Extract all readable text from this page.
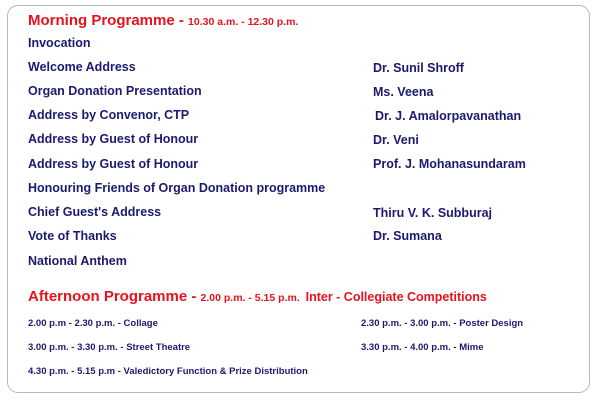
Morning Programme - 10.30 a.m. - 12.30 p.m.
Invocation
Welcome Address	Dr. Sunil Shroff
Organ Donation Presentation	Ms. Veena
Address by Convenor, CTP	Dr. J. Amalorpavanathan
Address by Guest of Honour	Dr. Veni
Address by Guest of Honour	Prof. J. Mohanasundaram
Honouring Friends of Organ Donation programme
Chief Guest's Address	Thiru V. K. Subburaj
Vote of Thanks	Dr. Sumana
National Anthem
Afternoon Programme - 2.00 p.m. - 5.15 p.m. Inter - Collegiate Competitions
2.00 p.m - 2.30 p.m. - Collage	2.30 p.m. - 3.00 p.m. - Poster Design
3.00 p.m. - 3.30 p.m. - Street Theatre	3.30 p.m. - 4.00 p.m. - Mime
4.30 p.m. - 5.15 p.m - Valedictory Function & Prize Distribution
